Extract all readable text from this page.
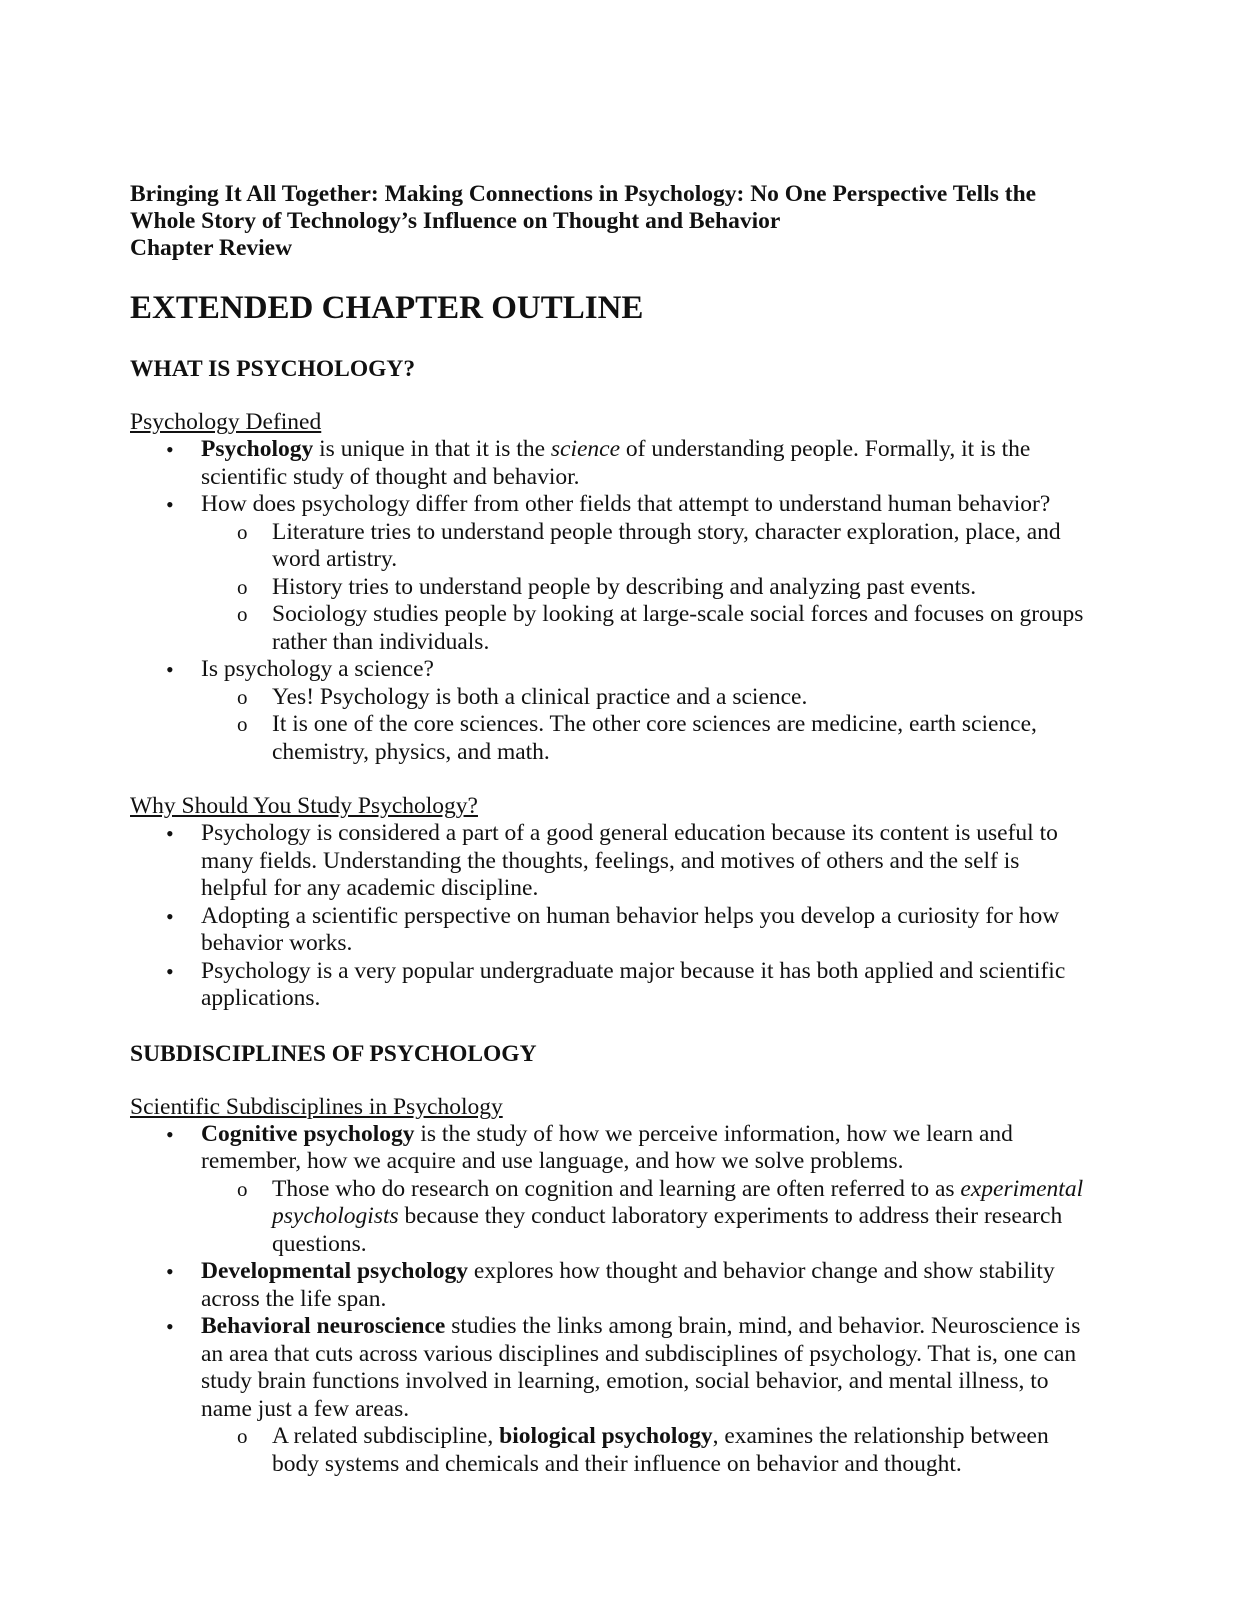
Bringing It All Together: Making Connections in Psychology: No One Perspective Tells the
Whole Story of Technology’s Influence on Thought and Behavior
Chapter Review
EXTENDED CHAPTER OUTLINE
WHAT IS PSYCHOLOGY?
Psychology Defined
•	Psychology is unique in that it is the science of understanding people. Formally, it is the scientific study of thought and behavior.
•	How does psychology differ from other fields that attempt to understand human behavior?
o Literature tries to understand people through story, character exploration, place, and word artistry.
o History tries to understand people by describing and analyzing past events.
o Sociology studies people by looking at large-scale social forces and focuses on groups rather than individuals.
•	Is psychology a science?
o Yes! Psychology is both a clinical practice and a science.
o It is one of the core sciences. The other core sciences are medicine, earth science, chemistry, physics, and math.
Why Should You Study Psychology?
•	Psychology is considered a part of a good general education because its content is useful to many fields. Understanding the thoughts, feelings, and motives of others and the self is helpful for any academic discipline.
•	Adopting a scientific perspective on human behavior helps you develop a curiosity for how behavior works.
•	Psychology is a very popular undergraduate major because it has both applied and scientific applications.
SUBDISCIPLINES OF PSYCHOLOGY
Scientific Subdisciplines in Psychology
•	Cognitive psychology is the study of how we perceive information, how we learn and remember, how we acquire and use language, and how we solve problems.
o Those who do research on cognition and learning are often referred to as experimental psychologists because they conduct laboratory experiments to address their research questions.
•	Developmental psychology explores how thought and behavior change and show stability across the life span.
•	Behavioral neuroscience studies the links among brain, mind, and behavior. Neuroscience is an area that cuts across various disciplines and subdisciplines of psychology. That is, one can study brain functions involved in learning, emotion, social behavior, and mental illness, to name just a few areas.
o A related subdiscipline, biological psychology, examines the relationship between body systems and chemicals and their influence on behavior and thought.
